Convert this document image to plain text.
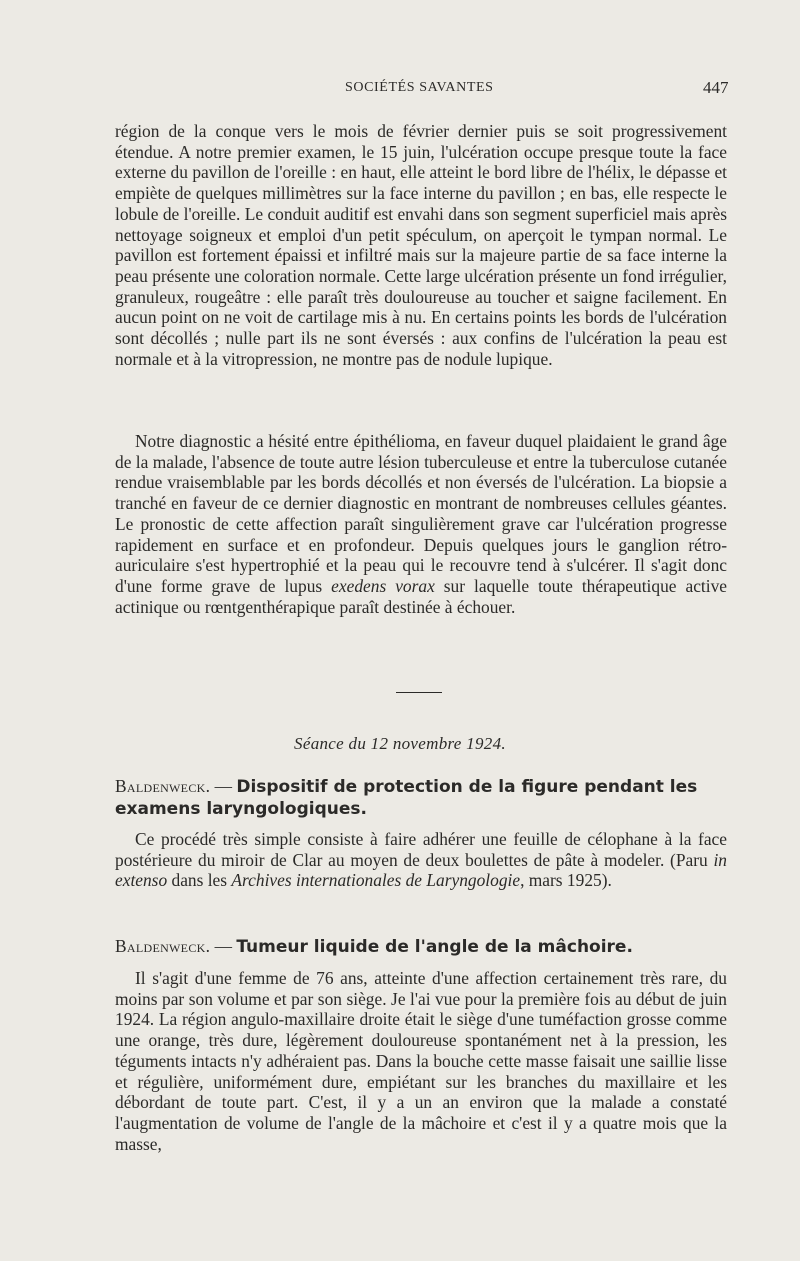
SOCIÉTÉS SAVANTES	447

région de la conque vers le mois de février dernier puis se soit progressivement étendue. A notre premier examen, le 15 juin, l'ulcération occupe presque toute la face externe du pavillon de l'oreille : en haut, elle atteint le bord libre de l'hélix, le dépasse et empiète de quelques millimètres sur la face interne du pavillon ; en bas, elle respecte le lobule de l'oreille. Le conduit auditif est envahi dans son segment superficiel mais après nettoyage soigneux et emploi d'un petit spéculum, on aperçoit le tympan normal. Le pavillon est fortement épaissi et infiltré mais sur la majeure partie de sa face interne la peau présente une coloration normale. Cette large ulcération présente un fond irrégulier, granuleux, rougeâtre : elle paraît très douloureuse au toucher et saigne facilement. En aucun point on ne voit de cartilage mis à nu. En certains points les bords de l'ulcération sont décollés ; nulle part ils ne sont éversés : aux confins de l'ulcération la peau est normale et à la vitropression, ne montre pas de nodule lupique.

Notre diagnostic a hésité entre épithélioma, en faveur duquel plaidaient le grand âge de la malade, l'absence de toute autre lésion tuberculeuse et entre la tuberculose cutanée rendue vraisemblable par les bords décollés et non éversés de l'ulcération. La biopsie a tranché en faveur de ce dernier diagnostic en montrant de nombreuses cellules géantes. Le pronostic de cette affection paraît singulièrement grave car l'ulcération progresse rapidement en surface et en profondeur. Depuis quelques jours le ganglion rétro-auriculaire s'est hypertrophié et la peau qui le recouvre tend à s'ulcérer. Il s'agit donc d'une forme grave de lupus exedens vorax sur laquelle toute thérapeutique active actinique ou rœntgenthérapique paraît destinée à échouer.

Séance du 12 novembre 1924.

Baldenweck. — Dispositif de protection de la figure pendant les examens laryngologiques.

Ce procédé très simple consiste à faire adhérer une feuille de célophane à la face postérieure du miroir de Clar au moyen de deux boulettes de pâte à modeler. (Paru in extenso dans les Archives internationales de Laryngologie, mars 1925).

Baldenweck. — Tumeur liquide de l'angle de la mâchoire.

Il s'agit d'une femme de 76 ans, atteinte d'une affection certainement très rare, du moins par son volume et par son siège. Je l'ai vue pour la première fois au début de juin 1924. La région angulo-maxillaire droite était le siège d'une tuméfaction grosse comme une orange, très dure, légèrement douloureuse spontanément net à la pression, les téguments intacts n'y adhéraient pas. Dans la bouche cette masse faisait une saillie lisse et régulière, uniformément dure, empiétant sur les branches du maxillaire et les débordant de toute part. C'est, il y a un an environ que la malade a constaté l'augmentation de volume de l'angle de la mâchoire et c'est il y a quatre mois que la masse,
